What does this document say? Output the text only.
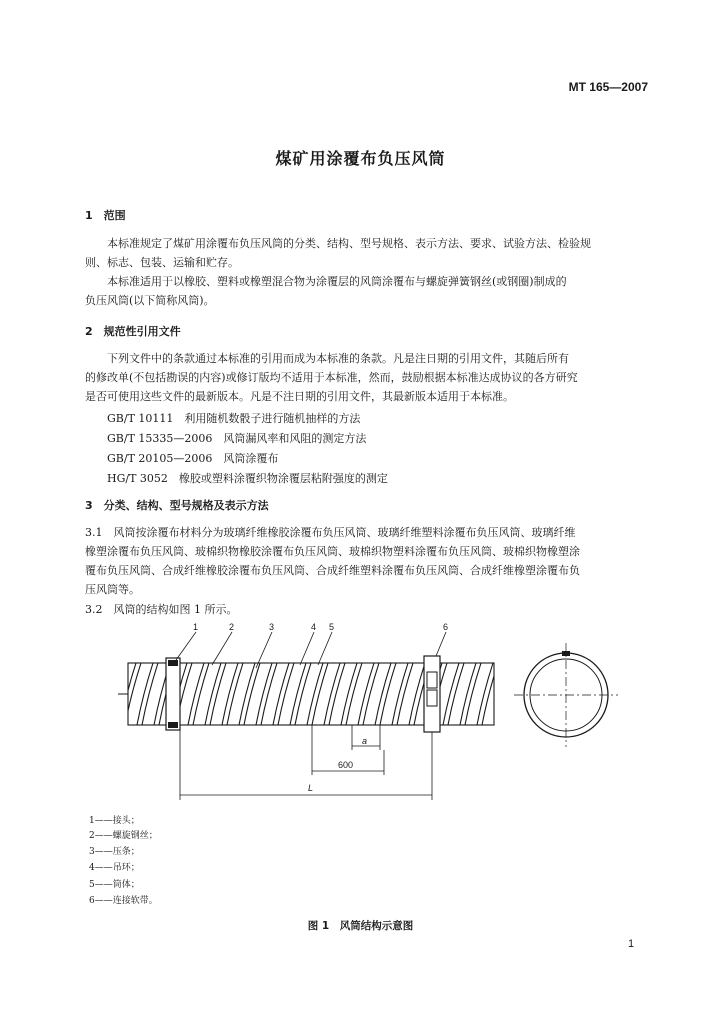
MT 165—2007
煤矿用涂覆布负压风筒
1　范围
本标准规定了煤矿用涂覆布负压风筒的分类、结构、型号规格、表示方法、要求、试验方法、检验规
则、标志、包装、运输和贮存。
本标准适用于以橡胶、塑料或橡塑混合物为涂覆层的风筒涂覆布与螺旋弹簧钢丝(或钢圈)制成的
负压风筒(以下简称风筒)。
2　规范性引用文件
下列文件中的条款通过本标准的引用而成为本标准的条款。凡是注日期的引用文件，其随后所有
的修改单(不包括勘误的内容)或修订版均不适用于本标准，然而，鼓励根据本标准达成协议的各方研究
是否可使用这些文件的最新版本。凡是不注日期的引用文件，其最新版本适用于本标准。
GB/T 10111　利用随机数骰子进行随机抽样的方法
GB/T 15335—2006　风筒漏风率和风阻的测定方法
GB/T 20105—2006　风筒涂覆布
HG/T 3052　橡胶或塑料涂覆织物涂覆层粘附强度的测定
3　分类、结构、型号规格及表示方法
3.1　风筒按涂覆布材料分为玻璃纤维橡胶涂覆布负压风筒、玻璃纤维塑料涂覆布负压风筒、玻璃纤维
橡塑涂覆布负压风筒、玻棉织物橡胶涂覆布负压风筒、玻棉织物塑料涂覆布负压风筒、玻棉织物橡塑涂
覆布负压风筒、合成纤维橡胶涂覆布负压风筒、合成纤维塑料涂覆布负压风筒、合成纤维橡塑涂覆布负
压风筒等。
3.2　风筒的结构如图 1 所示。
1	2	3	4 5	6
a
600
L
1——接头；
2——螺旋钢丝；
3——压条；
4——吊环；
5——筒体；
6——连接软带。
图 1　风筒结构示意图
1
